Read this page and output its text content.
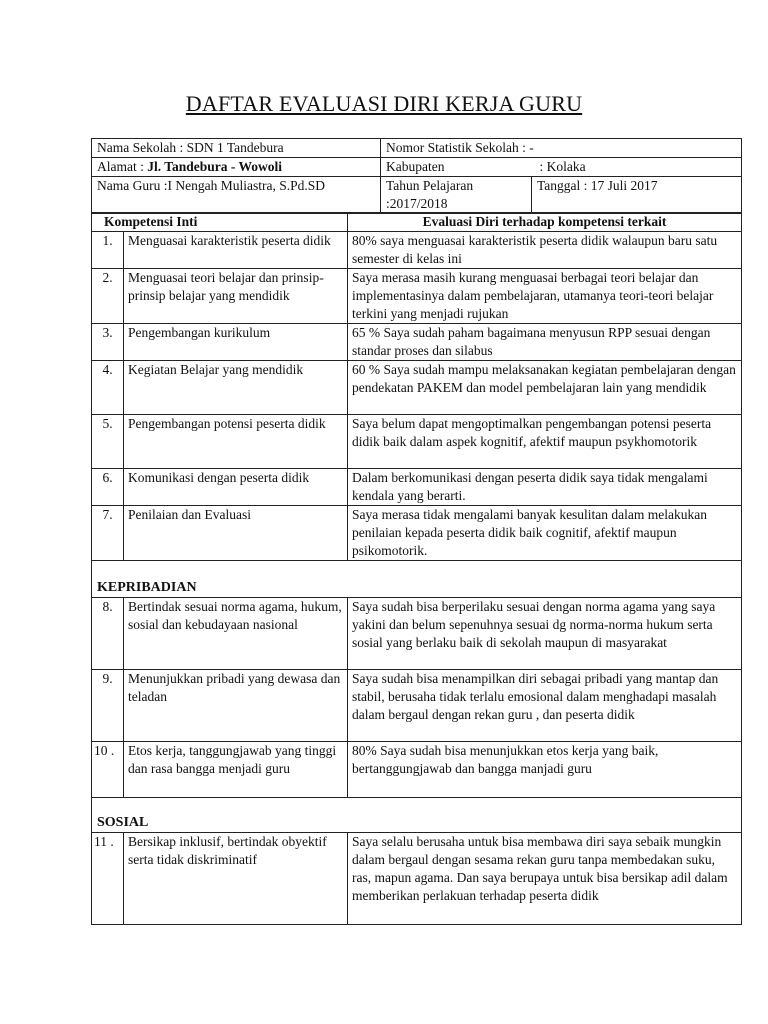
DAFTAR EVALUASI DIRI KERJA GURU
Nama Sekolah : SDN 1 Tandebura	Nomor Statistik Sekolah : -	
Alamat : Jl. Tandebura - Wowoli	Kabupaten : Kolaka	

Nama Guru :I Nengah Muliastra, S.Pd.SD	Tahun Pelajaran :2017/2018	Tanggal : 17 Juli 2017
Kompetensi Inti		Evaluasi Diri terhadap kompetensi terkait
1.	Menguasai karakteristik peserta didik	80% saya menguasai karakteristik peserta didik walaupun baru satu semester di kelas ini
2.	Menguasai teori belajar dan prinsip-prinsip belajar yang mendidik	Saya merasa masih kurang menguasai berbagai teori belajar dan implementasinya dalam pembelajaran, utamanya teori-teori belajar terkini yang menjadi rujukan
3.	Pengembangan kurikulum	65 % Saya sudah paham bagaimana menyusun RPP sesuai dengan standar proses dan silabus
4.	Kegiatan Belajar yang mendidik	60 % Saya sudah mampu melaksanakan kegiatan pembelajaran dengan pendekatan PAKEM dan model pembelajaran lain yang mendidik
5.	Pengembangan potensi peserta didik	Saya belum dapat mengoptimalkan pengembangan potensi peserta didik baik dalam aspek kognitif, afektif maupun psykhomotorik
6.	Komunikasi dengan peserta didik	Dalam berkomunikasi dengan peserta didik saya tidak mengalami kendala yang berarti.
7.	Penilaian dan Evaluasi	Saya merasa tidak mengalami banyak kesulitan dalam melakukan penilaian kepada peserta didik baik cognitif, afektif maupun psikomotorik.
KEPRIBADIAN		
8.	Bertindak sesuai norma agama, hukum, sosial dan kebudayaan nasional	Saya sudah bisa berperilaku sesuai dengan norma agama yang saya yakini dan belum sepenuhnya sesuai dg norma-norma hukum serta sosial yang berlaku baik di sekolah maupun di masyarakat
9.	Menunjukkan pribadi yang dewasa dan teladan	Saya sudah bisa menampilkan diri sebagai pribadi yang mantap dan stabil, berusaha tidak terlalu emosional dalam menghadapi masalah dalam bergaul dengan rekan guru , dan peserta didik
10 .	Etos kerja, tanggungjawab yang tinggi dan rasa bangga menjadi guru	80% Saya sudah bisa menunjukkan etos kerja yang baik, bertanggungjawab dan bangga manjadi guru
SOSIAL		
11 .	Bersikap inklusif, bertindak obyektif serta tidak diskriminatif	Saya selalu berusaha untuk bisa membawa diri saya sebaik mungkin dalam bergaul dengan sesama rekan guru tanpa membedakan suku, ras, mapun agama. Dan saya berupaya untuk bisa bersikap adil dalam memberikan perlakuan terhadap peserta didik
